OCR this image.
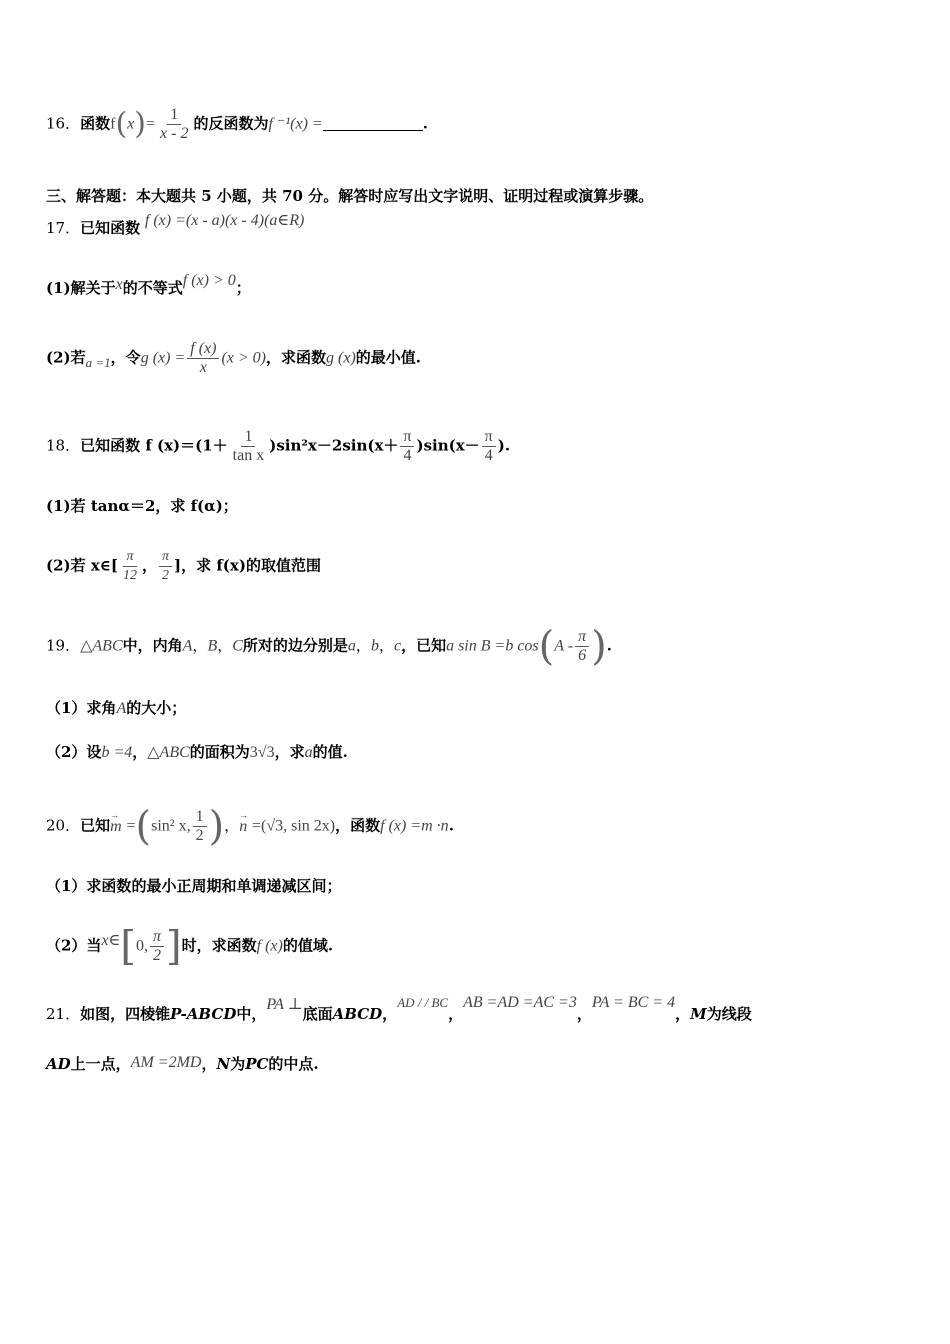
16．函数$f(x)= \frac{1}{x - 2}$ 的反函数为f ⁻¹(x) =	.
三、解答题：本大题共 5 小题，共 70 分。解答时应写出文字说明、证明过程或演算步骤。
17．已知函数 f (x) =(x - a)(x - 4)(a∈R)
(1)解关于x的不等式f (x) > 0；
(2)若a =1，令g $(x) = \frac{f (x)}{x} (x > 0)$，求函数g (x)的最小值.
18．已知函数 f $(x)=(1+ \frac{1}{\text{tan x}} )\sin^2x-2\sin(x+ \frac{\pi}{4} )\sin(x- \frac{\pi}{4}$ ).
(1)若 tanα＝2，求 f(α)；
(2)若 x∈[ $\frac{\pi}{12}$ ， $\frac{\pi}{2}$ ]，求 f(x)的取值范围
19．△ABC中，内角A，B，C所对的边分别是a，b，c，已知a sin B =b $\cos(A - \frac{\pi}{6}$ ).
（1）求角A的大小；
（2）设b =4，△ABC的面积为3√3，求a的值.
20．已知→ m =(sin² x, $\frac{1}{2}$ )，→ n =(√3, sin 2x)，函数f (x) =m ·n.
（1）求函数的最小正周期和单调递减区间；
（2）当x∈[0, $\frac{\pi}{2}$ ]时，求函数f (x)的值域.
21．如图，四棱锥P-ABCD中，PA ⊥底面ABCD，AD / / BC，AB =AD =AC =3，PA = BC = 4，M为线段
AD上一点，AM =2MD，N为PC的中点.
